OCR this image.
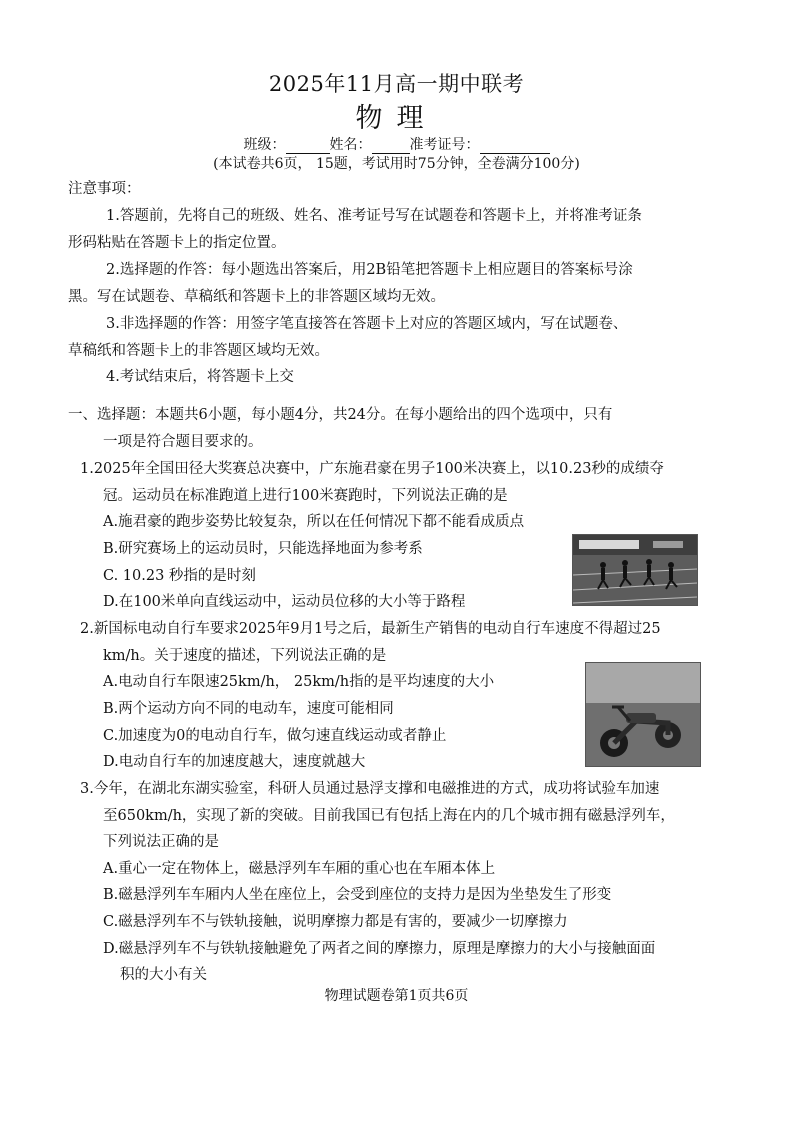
2025年11月高一期中联考
物理
班级：	姓名：	准考证号：
(本试卷共6页， 15题，考试用时75分钟，全卷满分100分)
注意事项：
1.答题前，先将自己的班级、姓名、准考证号写在试题卷和答题卡上，并将准考证条
形码粘贴在答题卡上的指定位置。
2.选择题的作答：每小题选出答案后，用2B铅笔把答题卡上相应题目的答案标号涂
黑。写在试题卷、草稿纸和答题卡上的非答题区域均无效。
3.非选择题的作答：用签字笔直接答在答题卡上对应的答题区域内，写在试题卷、
草稿纸和答题卡上的非答题区域均无效。
4.考试结束后，将答题卡上交
一、选择题：本题共6小题，每小题4分，共24分。在每小题给出的四个选项中，只有
一项是符合题目要求的。
1.2025年全国田径大奖赛总决赛中，广东施君豪在男子100米决赛上，以10.23秒的成绩夺
冠。运动员在标准跑道上进行100米赛跑时，下列说法正确的是
A.施君豪的跑步姿势比较复杂，所以在任何情况下都不能看成质点
B.研究赛场上的运动员时，只能选择地面为参考系
C. 10.23 秒指的是时刻
D.在100米单向直线运动中，运动员位移的大小等于路程
2.新国标电动自行车要求2025年9月1号之后，最新生产销售的电动自行车速度不得超过25
km/h。关于速度的描述，下列说法正确的是
A.电动自行车限速25km/h， 25km/h指的是平均速度的大小
B.两个运动方向不同的电动车，速度可能相同
C.加速度为0的电动自行车，做匀速直线运动或者静止
D.电动自行车的加速度越大，速度就越大
3.今年，在湖北东湖实验室，科研人员通过悬浮支撑和电磁推进的方式，成功将试验车加速
至650km/h，实现了新的突破。目前我国已有包括上海在内的几个城市拥有磁悬浮列车，
下列说法正确的是
A.重心一定在物体上，磁悬浮列车车厢的重心也在车厢本体上
B.磁悬浮列车车厢内人坐在座位上，会受到座位的支持力是因为坐垫发生了形变
C.磁悬浮列车不与铁轨接触，说明摩擦力都是有害的，要减少一切摩擦力
D.磁悬浮列车不与铁轨接触避免了两者之间的摩擦力，原理是摩擦力的大小与接触面面
积的大小有关
物理试题卷第1页共6页
